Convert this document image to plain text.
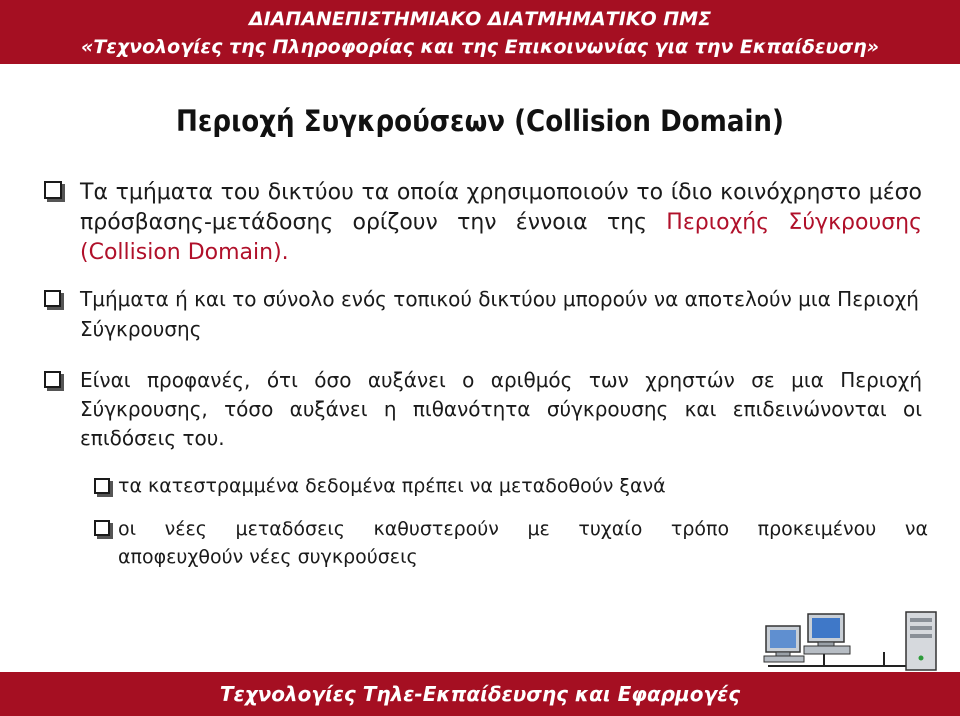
ΔΙΑΠΑΝΕΠΙΣΤΗΜΙΑΚΟ ΔΙΑΤΜΗΜΑΤΙΚΟ ΠΜΣ
«Τεχνολογίες της Πληροφορίας και της Επικοινωνίας για την Εκπαίδευση»
Περιοχή Συγκρούσεων (Collision Domain)
Τα τμήματα του δικτύου τα οποία χρησιμοποιούν το ίδιο κοινόχρηστο μέσο πρόσβασης-μετάδοσης ορίζουν την έννοια της Περιοχής Σύγκρουσης (Collision Domain).
Τμήματα ή και το σύνολο ενός τοπικού δικτύου μπορούν να αποτελούν μια Περιοχή Σύγκρουσης
Είναι προφανές, ότι όσο αυξάνει ο αριθμός των χρηστών σε μια Περιοχή Σύγκρουσης, τόσο αυξάνει η πιθανότητα σύγκρουσης και επιδεινώνονται οι επιδόσεις του.
τα κατεστραμμένα δεδομένα πρέπει να μεταδοθούν ξανά
οι νέες μεταδόσεις καθυστερούν με τυχαίο τρόπο προκειμένου να
αποφευχθούν νέες συγκρούσεις
Τεχνολογίες Τηλε-Εκπαίδευσης και Εφαρμογές
